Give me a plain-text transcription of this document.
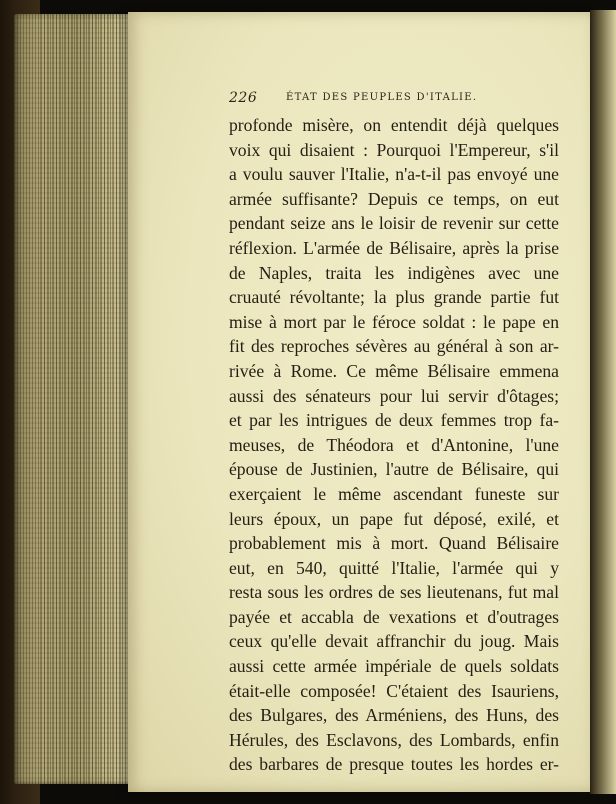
226	ÉTAT DES PEUPLES D'ITALIE.
profonde misère, on entendit déjà quelques
voix qui disaient : Pourquoi l'Empereur, s'il
a voulu sauver l'Italie, n'a-t-il pas envoyé une
armée suffisante? Depuis ce temps, on eut
pendant seize ans le loisir de revenir sur cette
réflexion. L'armée de Bélisaire, après la prise
de Naples, traita les indigènes avec une
cruauté révoltante; la plus grande partie fut
mise à mort par le féroce soldat : le pape en
fit des reproches sévères au général à son ar-
rivée à Rome. Ce même Bélisaire emmena
aussi des sénateurs pour lui servir d'ôtages;
et par les intrigues de deux femmes trop fa-
meuses, de Théodora et d'Antonine, l'une
épouse de Justinien, l'autre de Bélisaire, qui
exerçaient le même ascendant funeste sur
leurs époux, un pape fut déposé, exilé, et
probablement mis à mort. Quand Bélisaire
eut, en 540, quitté l'Italie, l'armée qui y
resta sous les ordres de ses lieutenans, fut mal
payée et accabla de vexations et d'outrages
ceux qu'elle devait affranchir du joug. Mais
aussi cette armée impériale de quels soldats
était-elle composée! C'étaient des Isauriens,
des Bulgares, des Arméniens, des Huns, des
Hérules, des Esclavons, des Lombards, enfin
des barbares de presque toutes les hordes er-
